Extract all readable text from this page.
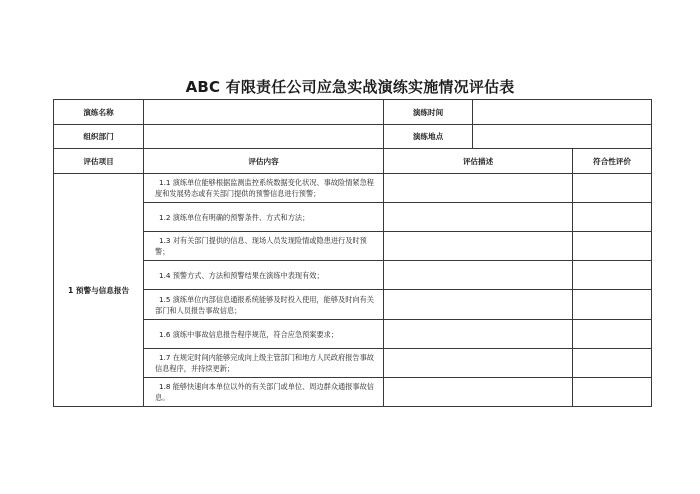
ABC 有限责任公司应急实战演练实施情况评估表
演练名称		演练时间		
组织部门		演练地点		
评估项目	评估内容	评估描述		符合性评价
1 预警与信息报告	1.1 演练单位能够根据监测监控系统数据变化状况、事故险情紧急程度和发展势态或有关部门提供的预警信息进行预警；			
	1.2 演练单位有明确的预警条件、方式和方法；			
	1.3 对有关部门提供的信息、现场人员发现险情或隐患进行及时预警；			
	1.4 预警方式、方法和预警结果在演练中表现有效；			
	1.5 演练单位内部信息通报系统能够及时投入使用，能够及时向有关部门和人员报告事故信息；			
	1.6 演练中事故信息报告程序规范，符合应急预案要求；			
	1.7 在规定时间内能够完成向上级主管部门和地方人民政府报告事故信息程序，并持续更新；			
	1.8 能够快速向本单位以外的有关部门或单位、周边群众通报事故信息。			
